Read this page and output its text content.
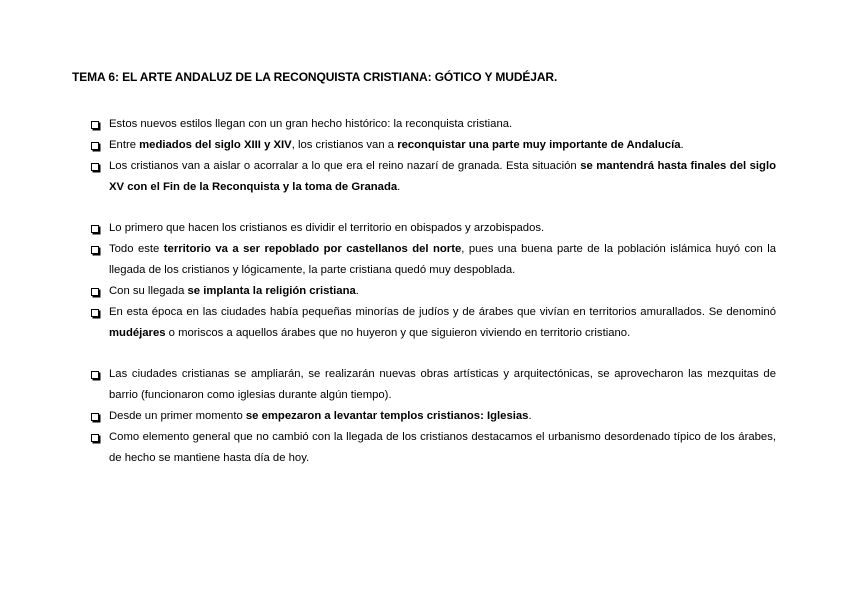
TEMA 6: EL ARTE ANDALUZ DE LA RECONQUISTA CRISTIANA: GÓTICO Y MUDÉJAR.
Estos nuevos estilos llegan con un gran hecho histórico: la reconquista cristiana.
Entre mediados del siglo XIII y XIV, los cristianos van a reconquistar una parte muy importante de Andalucía.
Los cristianos van a aislar o acorralar a lo que era el reino nazarí de granada. Esta situación se mantendrá hasta finales del siglo XV con el Fin de la Reconquista y la toma de Granada.
Lo primero que hacen los cristianos es dividir el territorio en obispados y arzobispados.
Todo este territorio va a ser repoblado por castellanos del norte, pues una buena parte de la población islámica huyó con la llegada de los cristianos y lógicamente, la parte cristiana quedó muy despoblada.
Con su llegada se implanta la religión cristiana.
En esta época en las ciudades había pequeñas minorías de judíos y de árabes que vivían en territorios amurallados. Se denominó mudéjares o moriscos a aquellos árabes que no huyeron y que siguieron viviendo en territorio cristiano.
Las ciudades cristianas se ampliarán, se realizarán nuevas obras artísticas y arquitectónicas, se aprovecharon las mezquitas de barrio (funcionaron como iglesias durante algún tiempo).
Desde un primer momento se empezaron a levantar templos cristianos: Iglesias.
Como elemento general que no cambió con la llegada de los cristianos destacamos el urbanismo desordenado típico de los árabes, de hecho se mantiene hasta día de hoy.
